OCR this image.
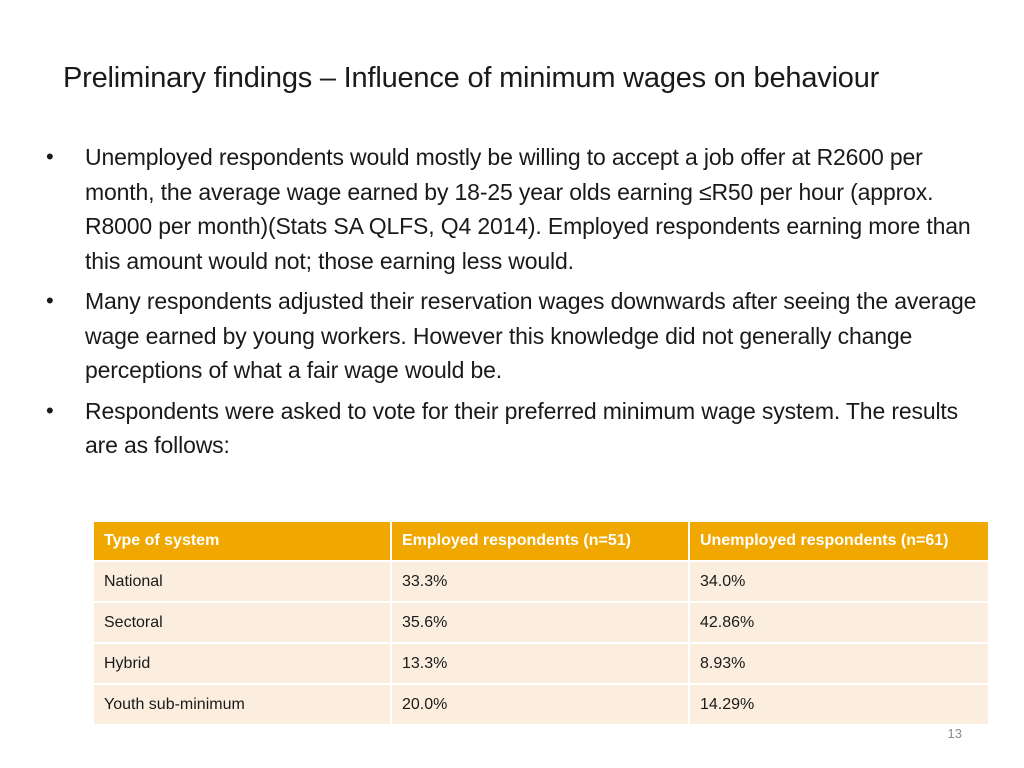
Preliminary findings – Influence of minimum wages on behaviour
• Unemployed respondents would mostly be willing to accept a job offer at R2600 per month, the average wage earned by 18-25 year olds earning ≤R50 per hour (approx. R8000 per month)(Stats SA QLFS, Q4 2014). Employed respondents earning more than this amount would not; those earning less would.
• Many respondents adjusted their reservation wages downwards after seeing the average wage earned by young workers. However this knowledge did not generally change perceptions of what a fair wage would be.
• Respondents were asked to vote for their preferred minimum wage system. The results are as follows:
Type of system	Employed respondents (n=51)	Unemployed respondents (n=61)
National	33.3%	34.0%
Sectoral	35.6%	42.86%
Hybrid	13.3%	8.93%
Youth sub-minimum	20.0%	14.29%
13
